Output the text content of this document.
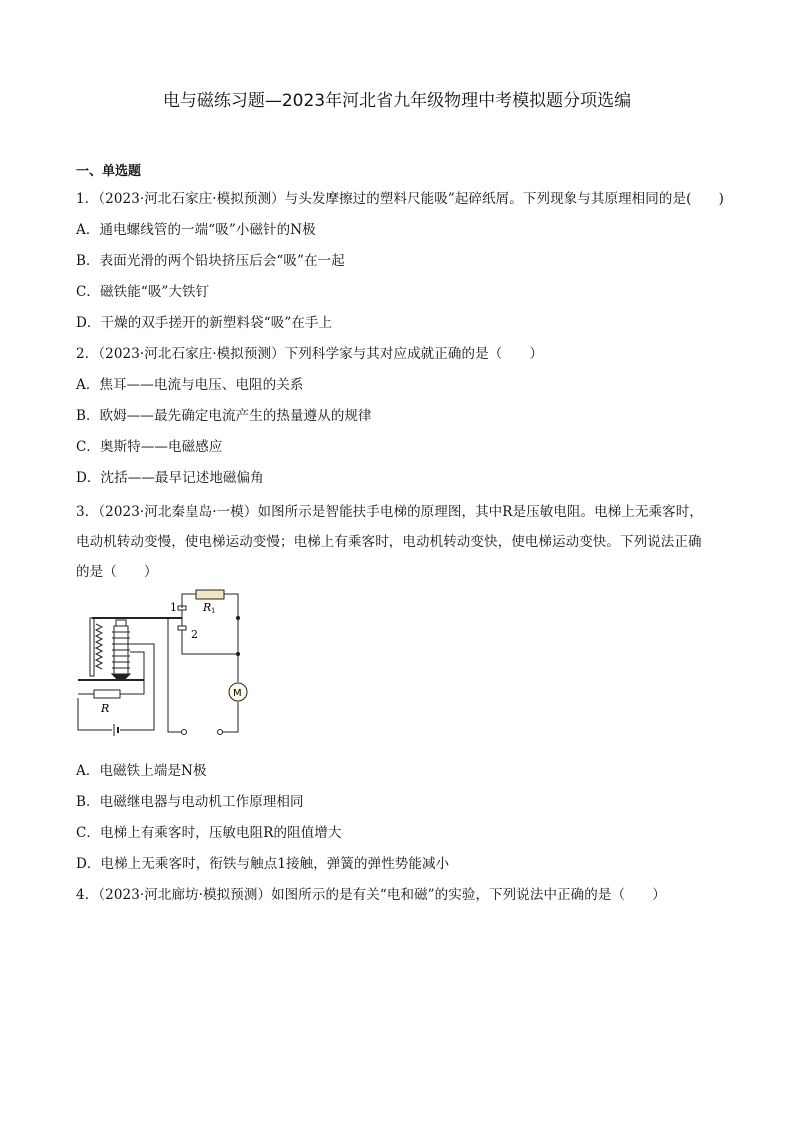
电与磁练习题—2023年河北省九年级物理中考模拟题分项选编
一、单选题
1．（2023·河北石家庄·模拟预测）与头发摩擦过的塑料尺能吸”起碎纸屑。下列现象与其原理相同的是(　　)
A．通电螺线管的一端“吸”小磁针的N极
B．表面光滑的两个铅块挤压后会“吸”在一起
C．磁铁能“吸”大铁钉
D．干燥的双手搓开的新塑料袋“吸”在手上
2．（2023·河北石家庄·模拟预测）下列科学家与其对应成就正确的是（　　）
A．焦耳——电流与电压、电阻的关系
B．欧姆——最先确定电流产生的热量遵从的规律
C．奥斯特——电磁感应
D．沈括——最早记述地磁偏角
3．（2023·河北秦皇岛·一模）如图所示是智能扶手电梯的原理图，其中R是压敏电阻。电梯上无乘客时，
电动机转动变慢，使电梯运动变慢；电梯上有乘客时，电动机转动变快，使电梯运动变快。下列说法正确
的是（　　）
1
2
R 1
R
M
A．电磁铁上端是N极
B．电磁继电器与电动机工作原理相同
C．电梯上有乘客时，压敏电阻R的阻值增大
D．电梯上无乘客时，衔铁与触点1接触，弹簧的弹性势能减小
4．（2023·河北廊坊·模拟预测）如图所示的是有关“电和磁”的实验，下列说法中正确的是（　　）
